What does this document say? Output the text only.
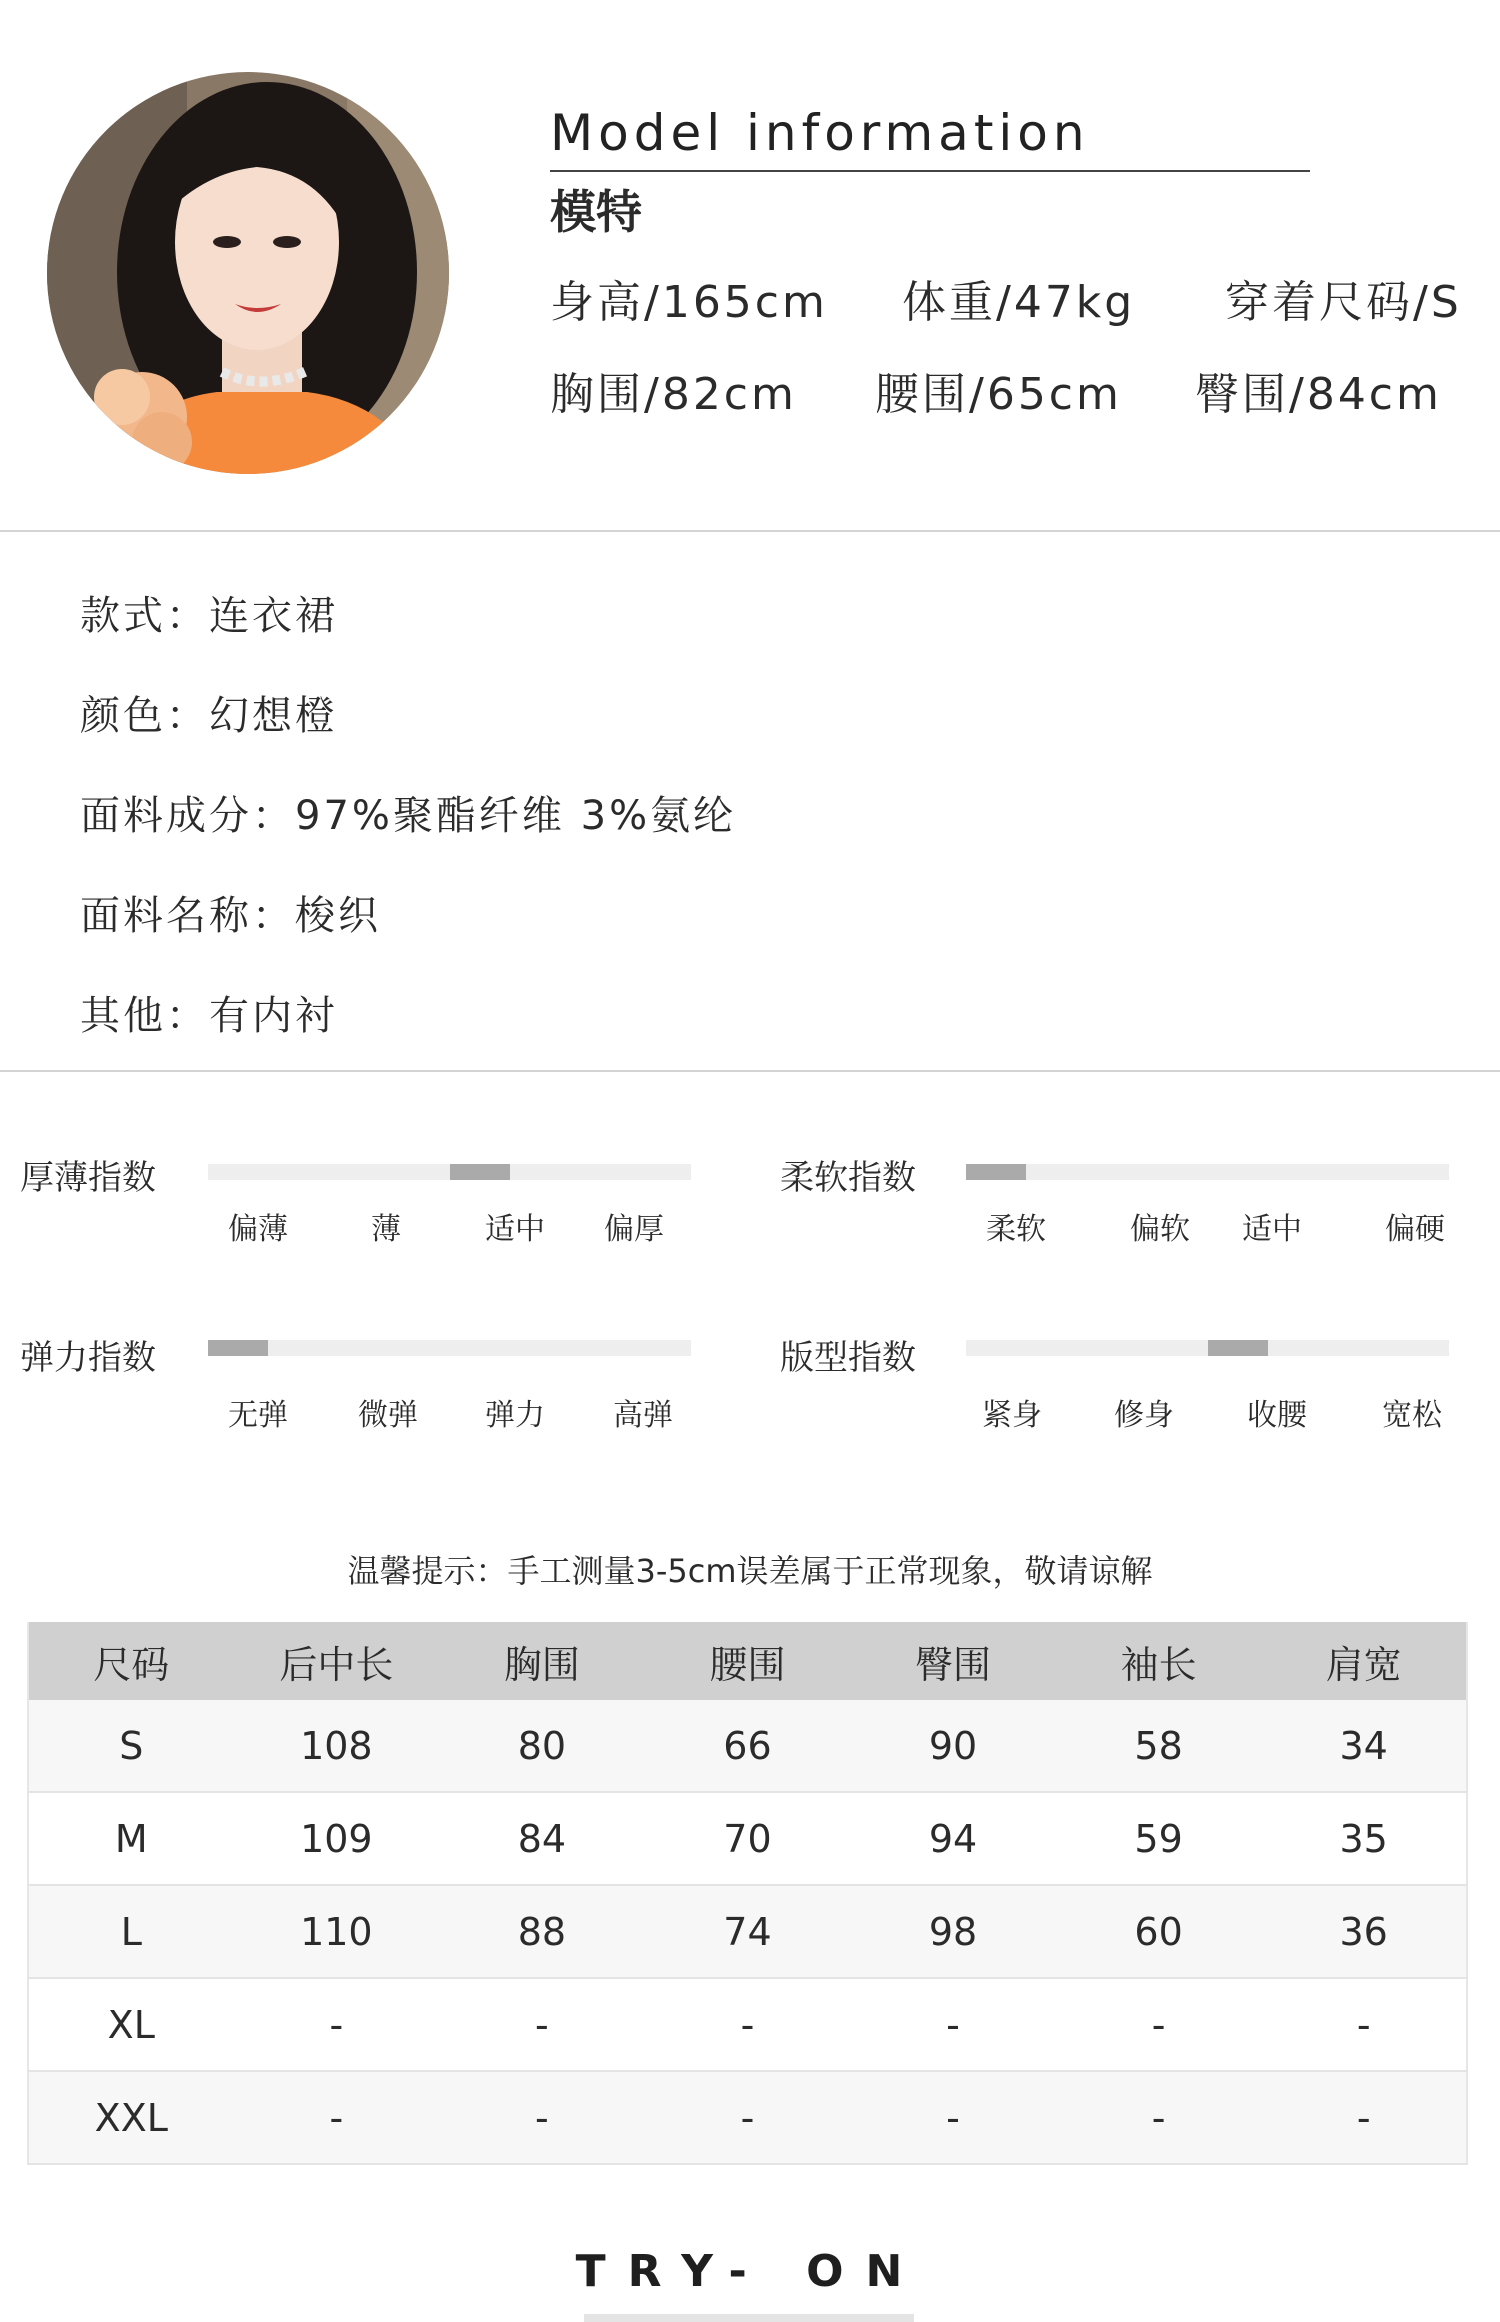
Model information
模特
身高/165cm 体重/47kg 穿着尺码/S
胸围/82cm 腰围/65cm 臀围/84cm
款式：连衣裙
颜色：幻想橙
面料成分：97%聚酯纤维 3%氨纶
面料名称：梭织
其他：有内衬
厚薄指数
偏薄	薄	适中 偏厚
柔软指数
柔软	偏软 适中	偏硬
弹力指数
无弹 微弹 弹力 高弹
版型指数
紧身 修身 收腰	宽松
温馨提示：手工测量3-5cm误差属于正常现象，敬请谅解
尺码	后中长	胸围	腰围	臀围	袖长	肩宽
S	108	80	66	90	58	34
M	109	84	70	94	59	35
L	110	88	74	98	60	36
XL	-	-	-	-	-	-
XXL	-	-	-	-	-	-
TRY- ON
